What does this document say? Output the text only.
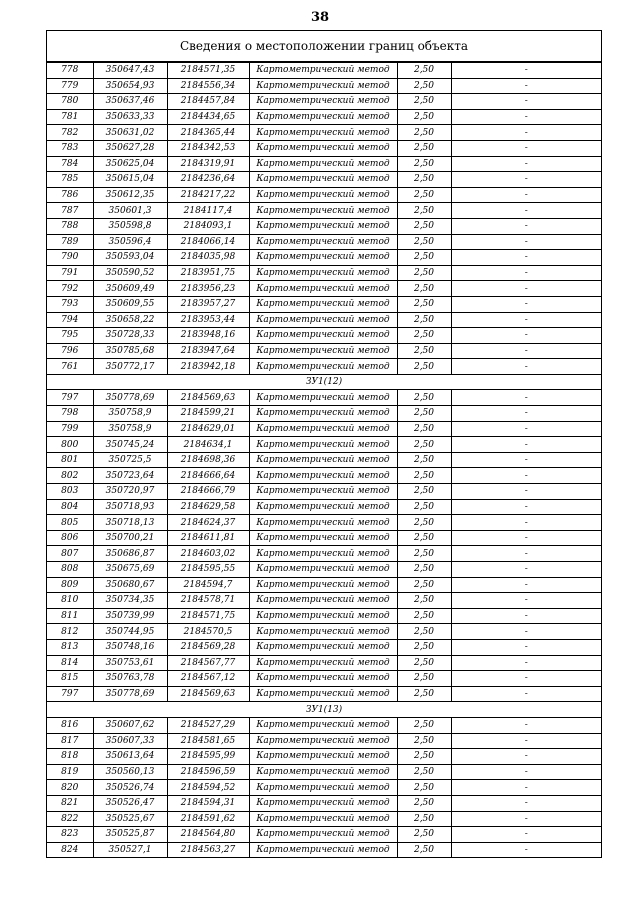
38
Сведения о местоположении границ объекта
778	350647,43	2184571,35	Картометрический метод	2,50	-
779	350654,93	2184556,34	Картометрический метод	2,50	-
780	350637,46	2184457,84	Картометрический метод	2,50	-
781	350633,33	2184434,65	Картометрический метод	2,50	-
782	350631,02	2184365,44	Картометрический метод	2,50	-
783	350627,28	2184342,53	Картометрический метод	2,50	-
784	350625,04	2184319,91	Картометрический метод	2,50	-
785	350615,04	2184236,64	Картометрический метод	2,50	-
786	350612,35	2184217,22	Картометрический метод	2,50	-
787	350601,3	2184117,4	Картометрический метод	2,50	-
788	350598,8	2184093,1	Картометрический метод	2,50	-
789	350596,4	2184066,14	Картометрический метод	2,50	-
790	350593,04	2184035,98	Картометрический метод	2,50	-
791	350590,52	2183951,75	Картометрический метод	2,50	-
792	350609,49	2183956,23	Картометрический метод	2,50	-
793	350609,55	2183957,27	Картометрический метод	2,50	-
794	350658,22	2183953,44	Картометрический метод	2,50	-
795	350728,33	2183948,16	Картометрический метод	2,50	-
796	350785,68	2183947,64	Картометрический метод	2,50	-
761	350772,17	2183942,18	Картометрический метод	2,50	-
ЗУ1(12)					
797	350778,69	2184569,63	Картометрический метод	2,50	-
798	350758,9	2184599,21	Картометрический метод	2,50	-
799	350758,9	2184629,01	Картометрический метод	2,50	-
800	350745,24	2184634,1	Картометрический метод	2,50	-
801	350725,5	2184698,36	Картометрический метод	2,50	-
802	350723,64	2184666,64	Картометрический метод	2,50	-
803	350720,97	2184666,79	Картометрический метод	2,50	-
804	350718,93	2184629,58	Картометрический метод	2,50	-
805	350718,13	2184624,37	Картометрический метод	2,50	-
806	350700,21	2184611,81	Картометрический метод	2,50	-
807	350686,87	2184603,02	Картометрический метод	2,50	-
808	350675,69	2184595,55	Картометрический метод	2,50	-
809	350680,67	2184594,7	Картометрический метод	2,50	-
810	350734,35	2184578,71	Картометрический метод	2,50	-
811	350739,99	2184571,75	Картометрический метод	2,50	-
812	350744,95	2184570,5	Картометрический метод	2,50	-
813	350748,16	2184569,28	Картометрический метод	2,50	-
814	350753,61	2184567,77	Картометрический метод	2,50	-
815	350763,78	2184567,12	Картометрический метод	2,50	-
797	350778,69	2184569,63	Картометрический метод	2,50	-
ЗУ1(13)					
816	350607,62	2184527,29	Картометрический метод	2,50	-
817	350607,33	2184581,65	Картометрический метод	2,50	-
818	350613,64	2184595,99	Картометрический метод	2,50	-
819	350560,13	2184596,59	Картометрический метод	2,50	-
820	350526,74	2184594,52	Картометрический метод	2,50	-
821	350526,47	2184594,31	Картометрический метод	2,50	-
822	350525,67	2184591,62	Картометрический метод	2,50	-
823	350525,87	2184564,80	Картометрический метод	2,50	-
824	350527,1	2184563,27	Картометрический метод	2,50	-
